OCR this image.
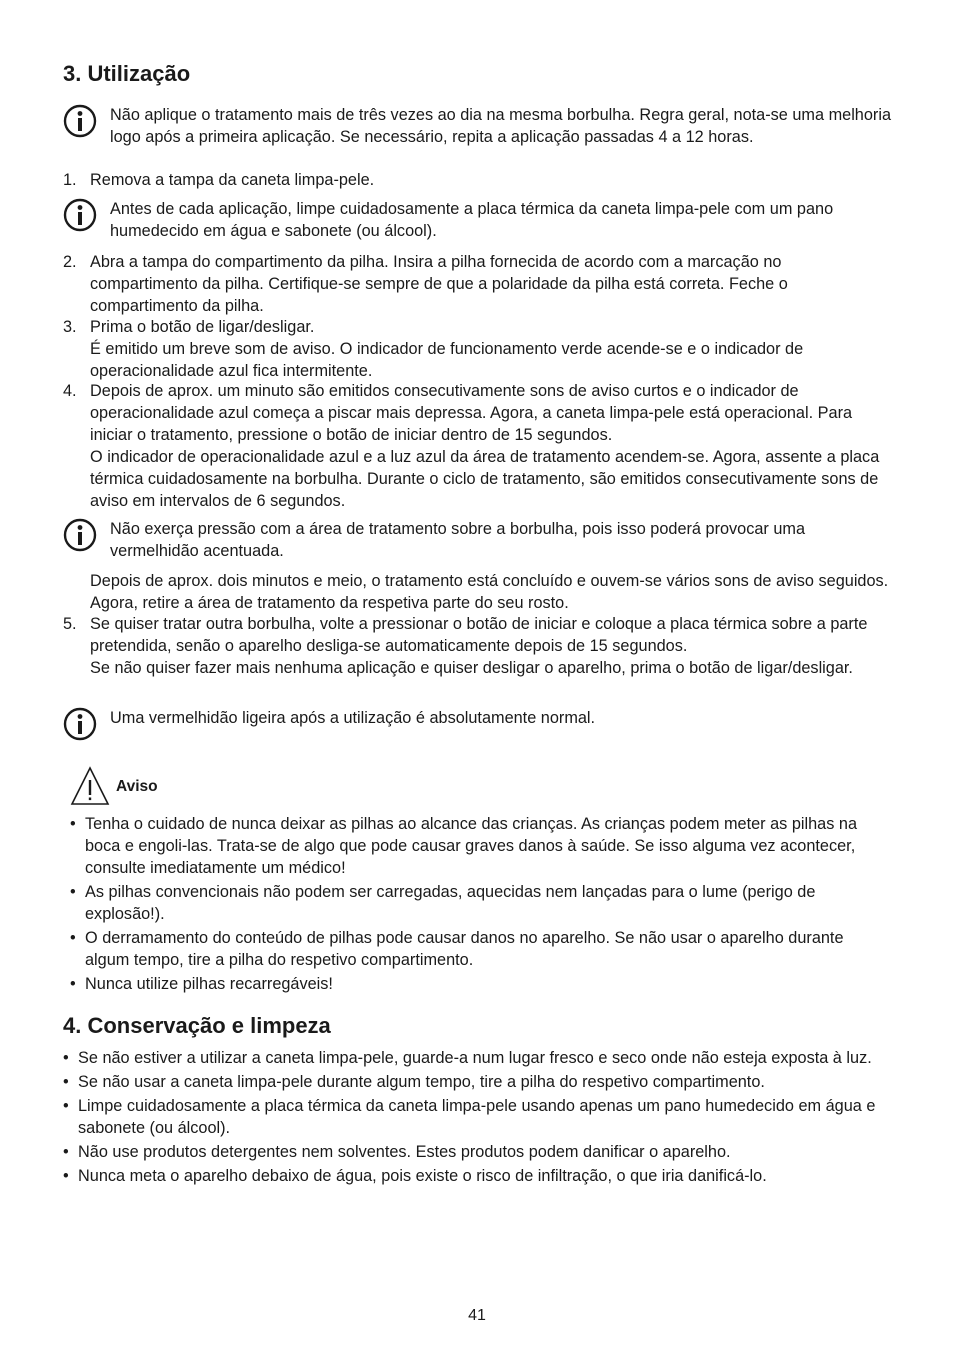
3. Utilização
Não aplique o tratamento mais de três vezes ao dia na mesma borbulha. Regra geral, nota-se uma melhoria logo após a primeira aplicação. Se necessário, repita a aplicação passadas 4 a 12 horas.
1. Remova a tampa da caneta limpa-pele.

Antes de cada aplicação, limpe cuidadosamente a placa térmica da caneta limpa-pele com um pano humedecido em água e sabonete (ou álcool).
2. Abra a tampa do compartimento da pilha. Insira a pilha fornecida de acordo com a marcação no compartimento da pilha. Certifique-se sempre de que a polaridade da pilha está correta. Feche o compartimento da pilha.

3. Prima o botão de ligar/desligar.
É emitido um breve som de aviso. O indicador de funcionamento verde acende-se e o indicador de operacionalidade azul fica intermitente.
4. Depois de aprox. um minuto são emitidos consecutivamente sons de aviso curtos e o indicador de operacionalidade azul começa a piscar mais depressa. Agora, a caneta limpa-pele está operacional. Para iniciar o tratamento, pressione o botão de iniciar dentro de 15 segundos.
O indicador de operacionalidade azul e a luz azul da área de tratamento acendem-se. Agora, assente a placa térmica cuidadosamente na borbulha. Durante o ciclo de tratamento, são emitidos consecutivamente sons de aviso em intervalos de 6 segundos.
Não exerça pressão com a área de tratamento sobre a borbulha, pois isso poderá provocar uma vermelhidão acentuada.

Depois de aprox. dois minutos e meio, o tratamento está concluído e ouvem-se vários sons de aviso seguidos. Agora, retire a área de tratamento da respetiva parte do seu rosto.

5. Se quiser tratar outra borbulha, volte a pressionar o botão de iniciar e coloque a placa térmica sobre a parte pretendida, senão o aparelho desliga-se automaticamente depois de 15 segundos.
Se não quiser fazer mais nenhuma aplicação e quiser desligar o aparelho, prima o botão de ligar/desligar.
Uma vermelhidão ligeira após a utilização é absolutamente normal.
Aviso
• Tenha o cuidado de nunca deixar as pilhas ao alcance das crianças. As crianças podem meter as pilhas na boca e engoli-las. Trata-se de algo que pode causar graves danos à saúde. Se isso alguma vez acontecer, consulte imediatamente um médico!
• As pilhas convencionais não podem ser carregadas, aquecidas nem lançadas para o lume (perigo de explosão!).
• O derramamento do conteúdo de pilhas pode causar danos no aparelho. Se não usar o aparelho durante algum tempo, tire a pilha do respetivo compartimento.
• Nunca utilize pilhas recarregáveis!
4. Conservação e limpeza
• Se não estiver a utilizar a caneta limpa-pele, guarde-a num lugar fresco e seco onde não esteja exposta à luz.
• Se não usar a caneta limpa-pele durante algum tempo, tire a pilha do respetivo compartimento.
• Limpe cuidadosamente a placa térmica da caneta limpa-pele usando apenas um pano humedecido em água e sabonete (ou álcool).
• Não use produtos detergentes nem solventes. Estes produtos podem danificar o aparelho.
• Nunca meta o aparelho debaixo de água, pois existe o risco de infiltração, o que iria danificá-lo.
41
